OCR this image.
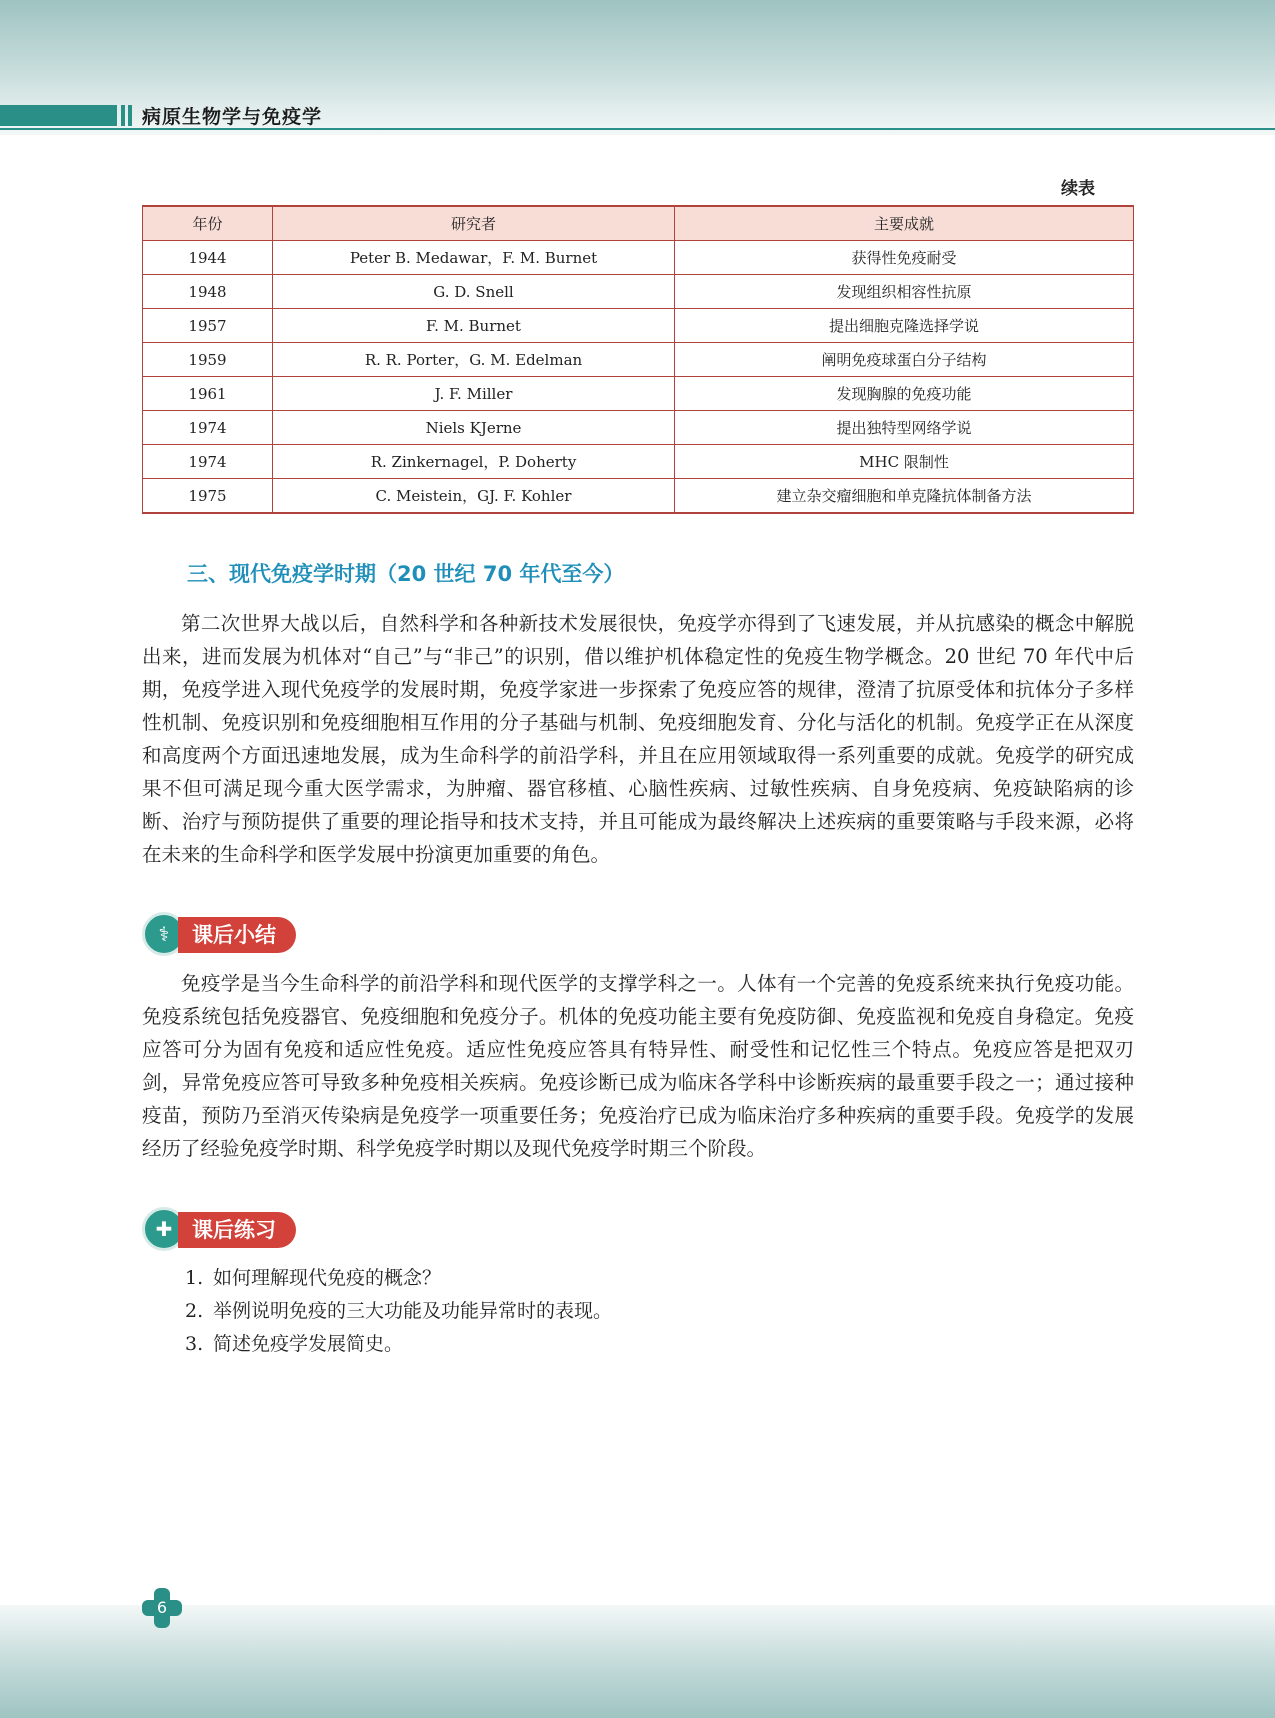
病原生物学与免疫学
续表
年份	研究者	主要成就
1944	Peter B. Medawar，F. M. Burnet	获得性免疫耐受
1948	G. D. Snell	发现组织相容性抗原
1957	F. M. Burnet	提出细胞克隆选择学说
1959	R. R. Porter，G. M. Edelman	阐明免疫球蛋白分子结构
1961	J. F. Miller	发现胸腺的免疫功能
1974	Niels KJerne	提出独特型网络学说
1974	R. Zinkernagel，P. Doherty	MHC 限制性
1975	C. Meistein，GJ. F. Kohler	建立杂交瘤细胞和单克隆抗体制备方法
三、现代免疫学时期（20 世纪 70 年代至今）

第二次世界大战以后，自然科学和各种新技术发展很快，免疫学亦得到了飞速发展，并从抗感染的概念中解脱出来，进而发展为机体对“自己”与“非己”的识别，借以维护机体稳定性的免疫生物学概念。20 世纪 70 年代中后期，免疫学进入现代免疫学的发展时期，免疫学家进一步探索了免疫应答的规律，澄清了抗原受体和抗体分子多样性机制、免疫识别和免疫细胞相互作用的分子基础与机制、免疫细胞发育、分化与活化的机制。免疫学正在从深度和高度两个方面迅速地发展，成为生命科学的前沿学科，并且在应用领域取得一系列重要的成就。免疫学的研究成果不但可满足现今重大医学需求，为肿瘤、器官移植、心脑性疾病、过敏性疾病、自身免疫病、免疫缺陷病的诊断、治疗与预防提供了重要的理论指导和技术支持，并且可能成为最终解决上述疾病的重要策略与手段来源，必将在未来的生命科学和医学发展中扮演更加重要的角色。

⚕	课后小结

免疫学是当今生命科学的前沿学科和现代医学的支撑学科之一。人体有一个完善的免疫系统来执行免疫功能。免疫系统包括免疫器官、免疫细胞和免疫分子。机体的免疫功能主要有免疫防御、免疫监视和免疫自身稳定。免疫应答可分为固有免疫和适应性免疫。适应性免疫应答具有特异性、耐受性和记忆性三个特点。免疫应答是把双刃剑，异常免疫应答可导致多种免疫相关疾病。免疫诊断已成为临床各学科中诊断疾病的最重要手段之一；通过接种疫苗，预防乃至消灭传染病是免疫学一项重要任务；免疫治疗已成为临床治疗多种疾病的重要手段。免疫学的发展经历了经验免疫学时期、科学免疫学时期以及现代免疫学时期三个阶段。

✚ 课后练习
1. 如何理解现代免疫的概念？
2. 举例说明免疫的三大功能及功能异常时的表现。
3. 简述免疫学发展简史。
6
